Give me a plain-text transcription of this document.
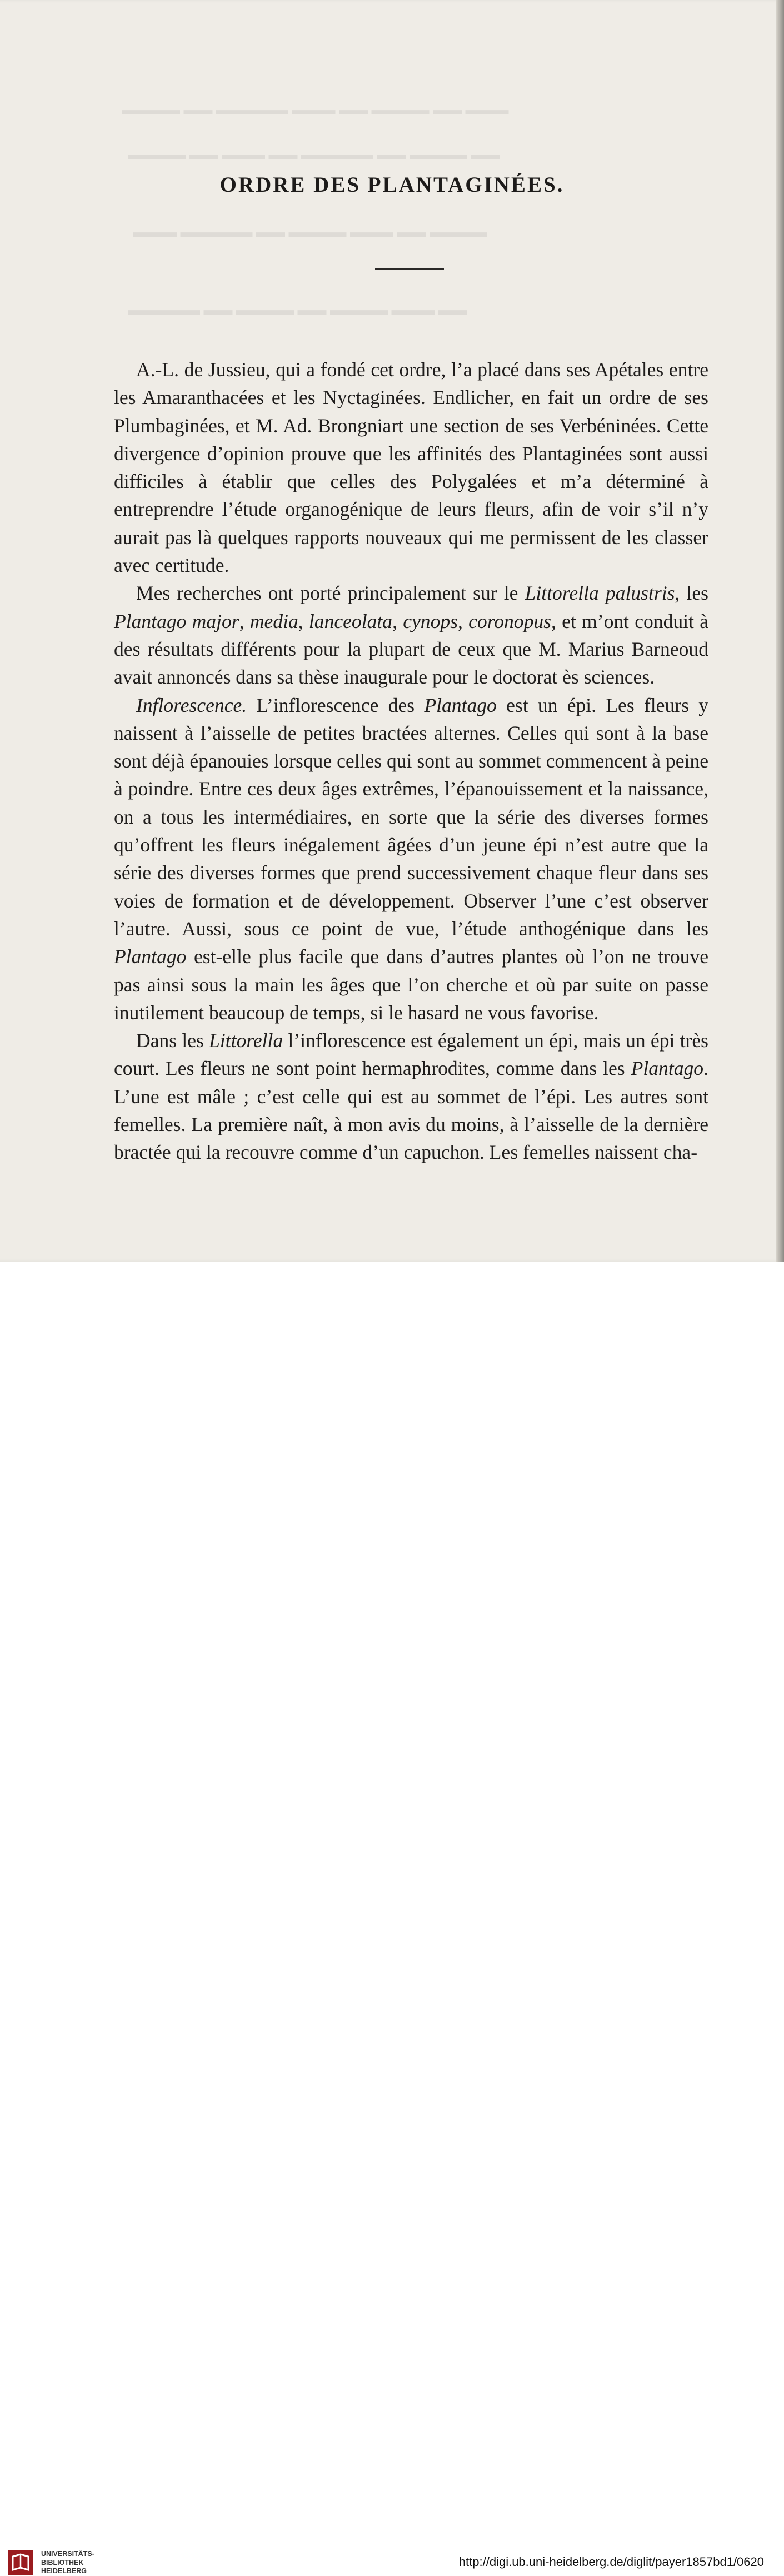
▬▬▬ ▬▬ ▬▬▬▬ ▬▬ ▬▬▬ ▬▬▬▬▬ ▬▬ ▬▬▬▬
▬▬ ▬▬▬▬ ▬▬ ▬▬▬▬▬ ▬▬ ▬▬▬ ▬▬ ▬▬▬▬
▬▬▬▬ ▬▬ ▬▬▬ ▬▬▬▬ ▬▬ ▬▬▬▬▬ ▬▬▬
▬▬ ▬▬▬ ▬▬▬▬ ▬▬ ▬▬▬▬ ▬▬ ▬▬▬▬▬
ORDRE DES PLANTAGINÉES.

A.-L. de Jussieu, qui a fondé cet ordre, l’a placé dans ses Apétales entre les Amaranthacées et les Nyctaginées. Endlicher, en fait un ordre de ses Plumbaginées, et M. Ad. Brongniart une section de ses Verbéninées. Cette divergence d’opinion prouve que les affinités des Plantaginées sont aussi difficiles à établir que celles des Polygalées et m’a déterminé à entreprendre l’étude organogénique de leurs fleurs, afin de voir s’il n’y aurait pas là quelques rapports nouveaux qui me permissent de les classer avec certitude.

Mes recherches ont porté principalement sur le Littorella palustris, les Plantago major, media, lanceolata, cynops, coronopus, et m’ont conduit à des résultats différents pour la plupart de ceux que M. Marius Barneoud avait annoncés dans sa thèse inaugurale pour le doctorat ès sciences.

Inflorescence. L’inflorescence des Plantago est un épi. Les fleurs y naissent à l’aisselle de petites bractées alternes. Celles qui sont à la base sont déjà épanouies lorsque celles qui sont au sommet commencent à peine à poindre. Entre ces deux âges extrêmes, l’épanouissement et la naissance, on a tous les intermédiaires, en sorte que la série des diverses formes qu’offrent les fleurs inégalement âgées d’un jeune épi n’est autre que la série des diverses formes que prend successivement chaque fleur dans ses voies de formation et de développement. Observer l’une c’est observer l’autre. Aussi, sous ce point de vue, l’étude anthogénique dans les Plantago est-elle plus facile que dans d’autres plantes où l’on ne trouve pas ainsi sous la main les âges que l’on cherche et où par suite on passe inutilement beaucoup de temps, si le hasard ne vous favorise.

Dans les Littorella l’inflorescence est également un épi, mais un épi très court. Les fleurs ne sont point hermaphrodites, comme dans les Plantago. L’une est mâle ; c’est celle qui est au sommet de l’épi. Les autres sont femelles. La première naît, à mon avis du moins, à l’aisselle de la dernière bractée qui la recouvre comme d’un capuchon. Les femelles naissent cha-

UNIVERSITÄTS-
BIBLIOTHEK
HEIDELBERG
http://digi.ub.uni-heidelberg.de/diglit/payer1857bd1/0620
